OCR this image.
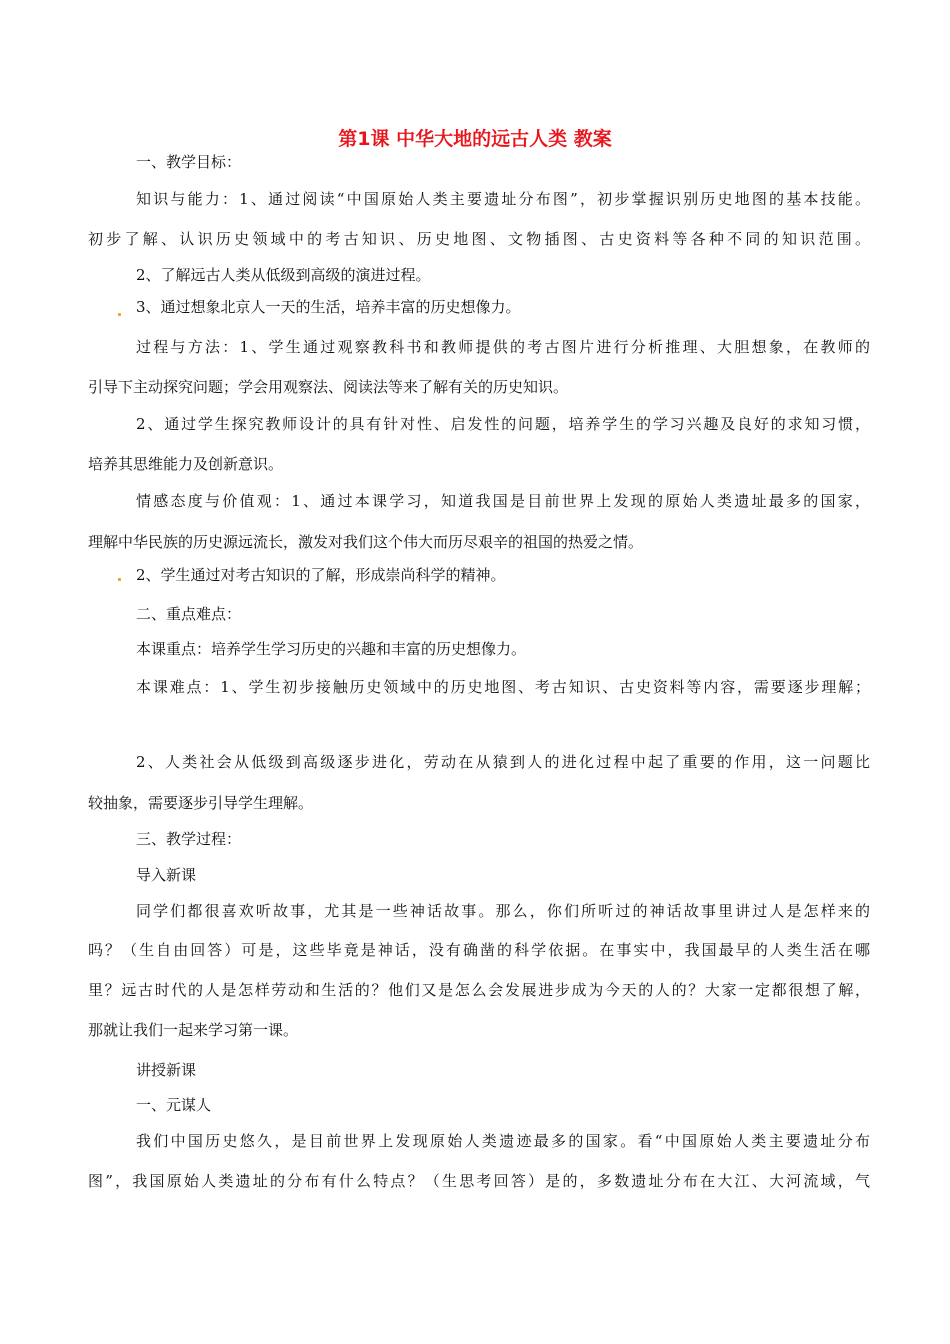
第1课 中华大地的远古人类 教案
一、教学目标：
知识与能力：1、通过阅读“中国原始人类主要遗址分布图”，初步掌握识别历史地图的基本技能。
初步了解、认识历史领域中的考古知识、历史地图、文物插图、古史资料等各种不同的知识范围。
2、了解远古人类从低级到高级的演进过程。
3、通过想象北京人一天的生活，培养丰富的历史想像力。
过程与方法：1、学生通过观察教科书和教师提供的考古图片进行分析推理、大胆想象，在教师的
引导下主动探究问题；学会用观察法、阅读法等来了解有关的历史知识。
2、通过学生探究教师设计的具有针对性、启发性的问题，培养学生的学习兴趣及良好的求知习惯，
培养其思维能力及创新意识。
情感态度与价值观：1、通过本课学习，知道我国是目前世界上发现的原始人类遗址最多的国家，
理解中华民族的历史源远流长，激发对我们这个伟大而历尽艰辛的祖国的热爱之情。
2、学生通过对考古知识的了解，形成崇尚科学的精神。
二、重点难点：
本课重点：培养学生学习历史的兴趣和丰富的历史想像力。
本课难点：1、学生初步接触历史领域中的历史地图、考古知识、古史资料等内容，需要逐步理解；
2、人类社会从低级到高级逐步进化，劳动在从猿到人的进化过程中起了重要的作用，这一问题比
较抽象，需要逐步引导学生理解。
三、教学过程：
导入新课
同学们都很喜欢听故事，尤其是一些神话故事。那么，你们所听过的神话故事里讲过人是怎样来的
吗？（生自由回答）可是，这些毕竟是神话，没有确凿的科学依据。在事实中，我国最早的人类生活在哪
里？远古时代的人是怎样劳动和生活的？他们又是怎么会发展进步成为今天的人的？大家一定都很想了解，
那就让我们一起来学习第一课。
讲授新课
一、元谋人
我们中国历史悠久，是目前世界上发现原始人类遗迹最多的国家。看“中国原始人类主要遗址分布
图”，我国原始人类遗址的分布有什么特点？（生思考回答）是的，多数遗址分布在大江、大河流域，气
